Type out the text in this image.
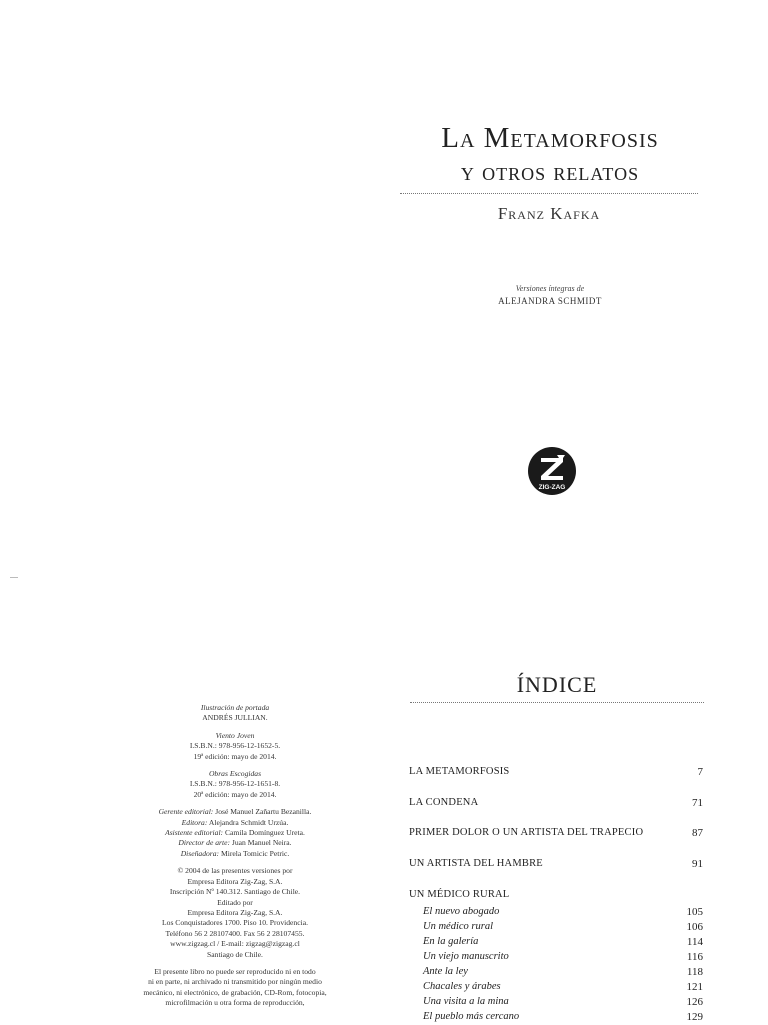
La Metamorfosis
y otros relatos
Franz Kafka
Versiones íntegras de
ALEJANDRA SCHMIDT
ZIG-ZAG
Ilustración de portada
ANDRÉS JULLIAN.
Viento Joven
I.S.B.N.: 978-956-12-1652-5.
19ª edición: mayo de 2014.
Obras Escogidas
I.S.B.N.: 978-956-12-1651-8.
20ª edición: mayo de 2014.
Gerente editorial: José Manuel Zañartu Bezanilla.
Editora: Alejandra Schmidt Urzúa.
Asistente editorial: Camila Domínguez Ureta.
Director de arte: Juan Manuel Neira.
Diseñadora: Mirela Tomicic Petric.
© 2004 de las presentes versiones por
Empresa Editora Zig-Zag, S.A.
Inscripción Nº 140.312. Santiago de Chile.
Editado por
Empresa Editora Zig-Zag, S.A.
Los Conquistadores 1700. Piso 10. Providencia.
Teléfono 56 2 28107400. Fax 56 2 28107455.
www.zigzag.cl / E-mail: zigzag@zigzag.cl
Santiago de Chile.
El presente libro no puede ser reproducido ni en todo
ni en parte, ni archivado ni transmitido por ningún medio
mecánico, ni electrónico, de grabación, CD-Rom, fotocopia,
microfilmación u otra forma de reproducción,
ÍNDICE
LA METAMORFOSIS	7
LA CONDENA	71
PRIMER DOLOR O UN ARTISTA DEL TRAPECIO	87
UN ARTISTA DEL HAMBRE	91
UN MÉDICO RURAL
El nuevo abogado	105
Un médico rural	106
En la galería	114
Un viejo manuscrito	116
Ante la ley	118
Chacales y árabes	121
Una visita a la mina	126
El pueblo más cercano	129
